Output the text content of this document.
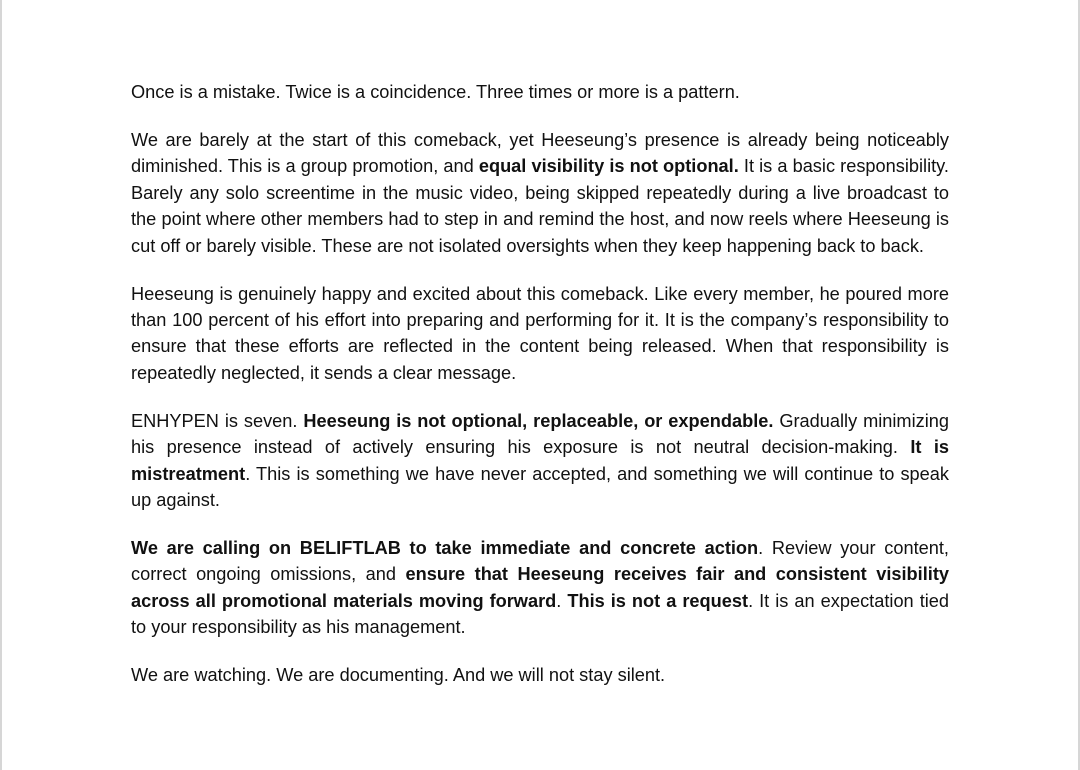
Once is a mistake. Twice is a coincidence. Three times or more is a pattern.

We are barely at the start of this comeback, yet Heeseung’s presence is already being noticeably diminished. This is a group promotion, and equal visibility is not optional. It is a basic responsibility. Barely any solo screentime in the music video, being skipped repeatedly during a live broadcast to the point where other members had to step in and remind the host, and now reels where Heeseung is cut off or barely visible. These are not isolated oversights when they keep happening back to back.

Heeseung is genuinely happy and excited about this comeback. Like every member, he poured more than 100 percent of his effort into preparing and performing for it. It is the company’s responsibility to ensure that these efforts are reflected in the content being released. When that responsibility is repeatedly neglected, it sends a clear message.

ENHYPEN is seven. Heeseung is not optional, replaceable, or expendable. Gradually minimizing his presence instead of actively ensuring his exposure is not neutral decision-making. It is mistreatment. This is something we have never accepted, and something we will continue to speak up against.

We are calling on BELIFTLAB to take immediate and concrete action. Review your content, correct ongoing omissions, and ensure that Heeseung receives fair and consistent visibility across all promotional materials moving forward. This is not a request. It is an expectation tied to your responsibility as his management.

We are watching. We are documenting. And we will not stay silent.
